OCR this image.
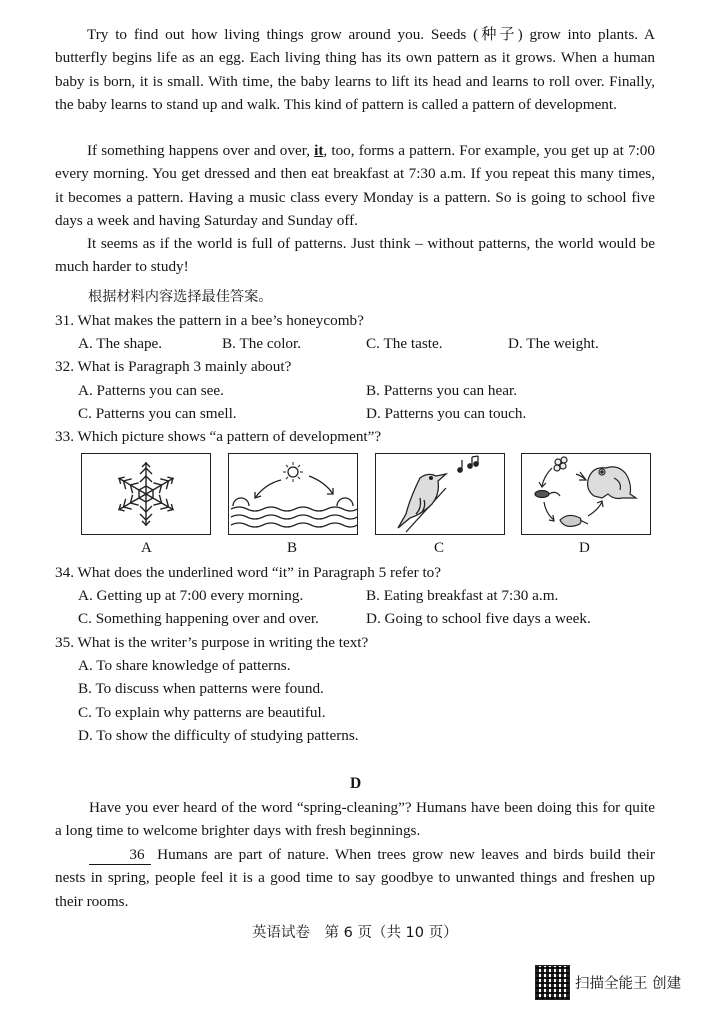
Try to find out how living things grow around you. Seeds (种子) grow into plants. A butterfly begins life as an egg. Each living thing has its own pattern as it grows. When a human baby is born, it is small. With time, the baby learns to lift its head and learns to roll over. Finally, the baby learns to stand up and walk. This kind of pattern is called a pattern of development.

If something happens over and over, it, too, forms a pattern. For example, you get up at 7:00 every morning. You get dressed and then eat breakfast at 7:30 a.m. If you repeat this many times, it becomes a pattern. Having a music class every Monday is a pattern. So is going to school five days a week and having Saturday and Sunday off.

It seems as if the world is full of patterns. Just think – without patterns, the world would be much harder to study!

根据材料内容选择最佳答案。
31. What makes the pattern in a bee’s honeycomb?
A. The shape.	B. The color.	C. The taste.	D. The weight.
32. What is Paragraph 3 mainly about?
A. Patterns you can see.	B. Patterns you can hear.
C. Patterns you can smell.	D. Patterns you can touch.
33. Which picture shows “a pattern of development”?
A	B	C	D
34. What does the underlined word “it” in Paragraph 5 refer to?
A. Getting up at 7:00 every morning.	B. Eating breakfast at 7:30 a.m.
C. Something happening over and over.	D. Going to school five days a week.
35. What is the writer’s purpose in writing the text?
A. To share knowledge of patterns.
B. To discuss when patterns were found.
C. To explain why patterns are beautiful.
D. To show the difficulty of studying patterns.
D

Have you ever heard of the word “spring-cleaning”? Humans have been doing this for quite a long time to welcome brighter days with fresh beginnings.

36 Humans are part of nature. When trees grow new leaves and birds build their nests in spring, people feel it is a good time to say goodbye to unwanted things and freshen up their rooms.

英语试卷　第 6 页（共 10 页）
扫描全能王 创建
